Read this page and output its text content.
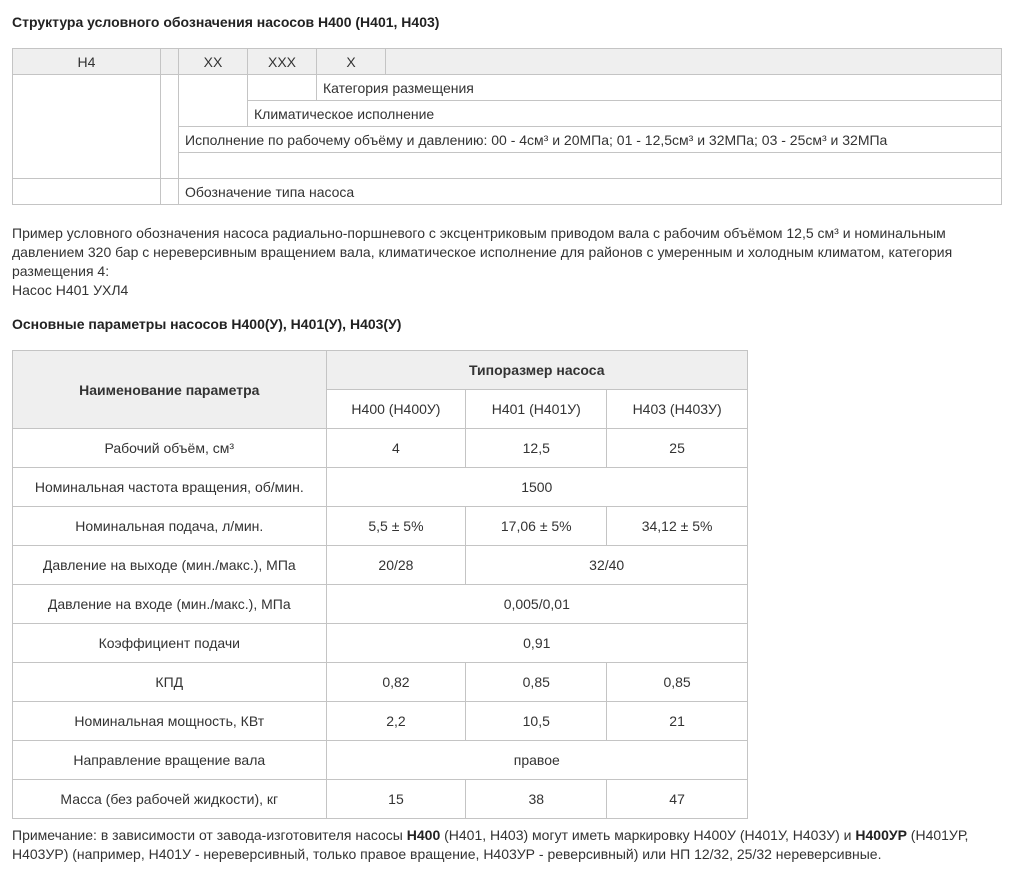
Структура условного обозначения насосов Н400 (Н401, Н403)
Н4		ХХ	ХХХ	Х	
				Категория размещения	
			Климатическое исполнение		
		Исполнение по рабочему объёму и давлению: 00 - 4см³ и 20МПа; 01 - 12,5см³ и 32МПа; 03 - 25см³ и 32МПа			

		Обозначение типа насоса			
Пример условного обозначения насоса радиально-поршневого с эксцентриковым приводом вала с рабочим объёмом 12,5 см³ и номинальным давлением 320 бар с нереверсивным вращением вала, климатическое исполнение для районов с умеренным и холодным климатом, категория размещения 4:
Насос Н401 УХЛ4
Основные параметры насосов Н400(У), Н401(У), Н403(У)
Наименование параметра	Типоразмер насоса		
	Н400 (Н400У)	Н401 (Н401У)	Н403 (Н403У)
Рабочий объём, см³	4	12,5	25
Номинальная частота вращения, об/мин.	1500		
Номинальная подача, л/мин.	5,5 ± 5%	17,06 ± 5%	34,12 ± 5%
Давление на выходе (мин./макс.), МПа	20/28	32/40	
Давление на входе (мин./макс.), МПа	0,005/0,01		
Коэффициент подачи	0,91		
КПД	0,82	0,85	0,85
Номинальная мощность, КВт	2,2	10,5	21
Направление вращение вала	правое		
Масса (без рабочей жидкости), кг	15	38	47
Примечание: в зависимости от завода-изготовителя насосы Н400 (Н401, Н403) могут иметь маркировку Н400У (Н401У, Н403У) и Н400УР (Н401УР, Н403УР) (например, Н401У - нереверсивный, только правое вращение, Н403УР - реверсивный) или НП 12/32, 25/32 нереверсивные.
